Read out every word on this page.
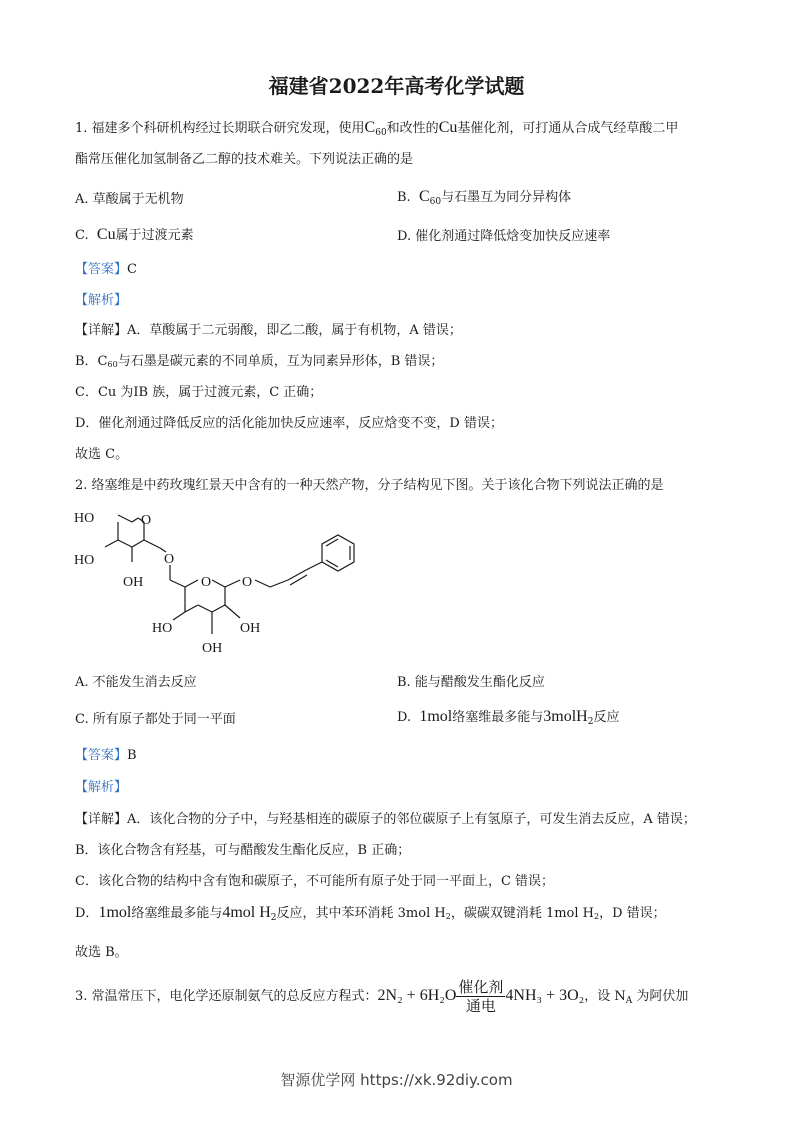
福建省2022年高考化学试题
1. 福建多个科研机构经过长期联合研究发现，使用$C_{60}$和改性的Cu基催化剂，可打通从合成气经草酸二甲
酯常压催化加氢制备乙二醇的技术难关。下列说法正确的是
A. 草酸属于无机物	B. $C_{60}$与石墨互为同分异构体
C. Cu属于过渡元素	D. 催化剂通过降低焓变加快反应速率
【答案】C
【解析】
【详解】A．草酸属于二元弱酸，即乙二酸，属于有机物，A 错误；
B．C60与石墨是碳元素的不同单质，互为同素异形体，B 错误；
C．Cu 为IB 族，属于过渡元素，C 正确；
D．催化剂通过降低反应的活化能加快反应速率，反应焓变不变，D 错误；
故选 C。
2. 络塞维是中药玫瑰红景天中含有的一种天然产物，分子结构见下图。关于该化合物下列说法正确的是
HO	O
HO
OH
O
O O
HO	OH
OH
A. 不能发生消去反应	B. 能与醋酸发生酯化反应
C. 所有原子都处于同一平面	D. 1mol络塞维最多能与3molH$_2$反应
【答案】B
【解析】
【详解】A．该化合物的分子中，与羟基相连的碳原子的邻位碳原子上有氢原子，可发生消去反应，A 错误；
B．该化合物含有羟基，可与醋酸发生酯化反应，B 正确；
C．该化合物的结构中含有饱和碳原子，不可能所有原子处于同一平面上，C 错误；
D．1mol络塞维最多能与4mol $H_2$反应，其中苯环消耗 3mol H2，碳碳双键消耗 1mol H2，D 错误；
故选 B。
3. 常温常压下，电化学还原制氨气的总反应方程式：$2N_2 + 6H_2O \frac{\text{催化剂}}{\text{通电}} 4NH_3 + 3O_2$，设 $N_A$ 为阿伏加
智源优学网 https://xk.92diy.com
